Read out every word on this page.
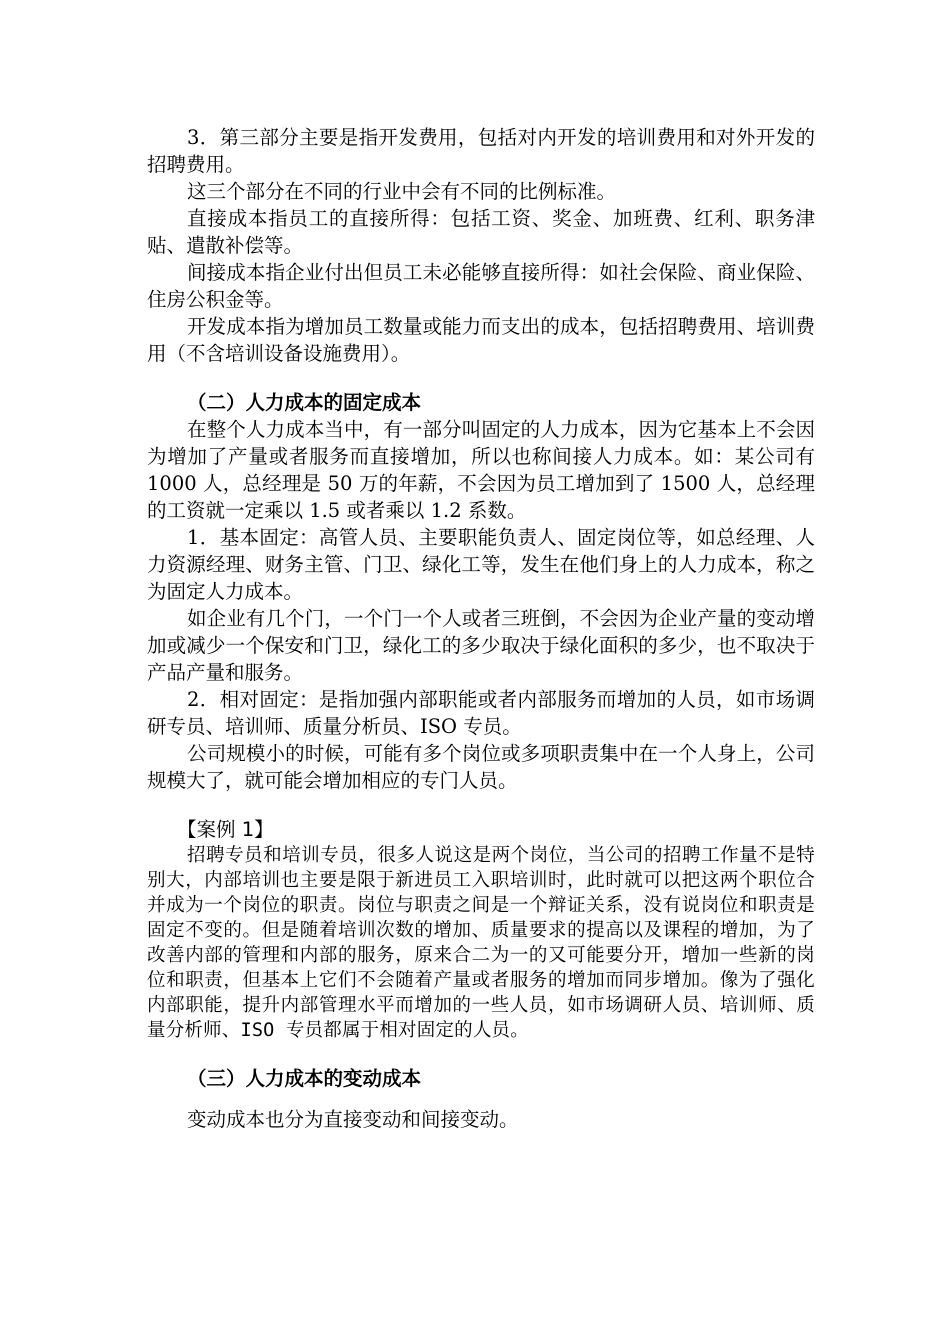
3．第三部分主要是指开发费用，包括对内开发的培训费用和对外开发的招聘费用。

这三个部分在不同的行业中会有不同的比例标准。

直接成本指员工的直接所得：包括工资、奖金、加班费、红利、职务津贴、遣散补偿等。

间接成本指企业付出但员工未必能够直接所得：如社会保险、商业保险、住房公积金等。

开发成本指为增加员工数量或能力而支出的成本，包括招聘费用、培训费用（不含培训设备设施费用）。

（二）人力成本的固定成本

在整个人力成本当中，有一部分叫固定的人力成本，因为它基本上不会因为增加了产量或者服务而直接增加，所以也称间接人力成本。如：某公司有 1000 人，总经理是 50 万的年薪，不会因为员工增加到了 1500 人，总经理的工资就一定乘以 1.5 或者乘以 1.2 系数。

1．基本固定：高管人员、主要职能负责人、固定岗位等，如总经理、人力资源经理、财务主管、门卫、绿化工等，发生在他们身上的人力成本，称之为固定人力成本。

如企业有几个门，一个门一个人或者三班倒，不会因为企业产量的变动增加或减少一个保安和门卫，绿化工的多少取决于绿化面积的多少，也不取决于产品产量和服务。

2．相对固定：是指加强内部职能或者内部服务而增加的人员，如市场调研专员、培训师、质量分析员、ISO 专员。

公司规模小的时候，可能有多个岗位或多项职责集中在一个人身上，公司规模大了，就可能会增加相应的专门人员。

【案例 1】

招聘专员和培训专员，很多人说这是两个岗位，当公司的招聘工作量不是特别大，内部培训也主要是限于新进员工入职培训时，此时就可以把这两个职位合并成为一个岗位的职责。岗位与职责之间是一个辩证关系，没有说岗位和职责是固定不变的。但是随着培训次数的增加、质量要求的提高以及课程的增加，为了改善内部的管理和内部的服务，原来合二为一的又可能要分开，增加一些新的岗位和职责，但基本上它们不会随着产量或者服务的增加而同步增加。像为了强化内部职能，提升内部管理水平而增加的一些人员，如市场调研人员、培训师、质量分析师、ISO 专员都属于相对固定的人员。

（三）人力成本的变动成本

变动成本也分为直接变动和间接变动。
